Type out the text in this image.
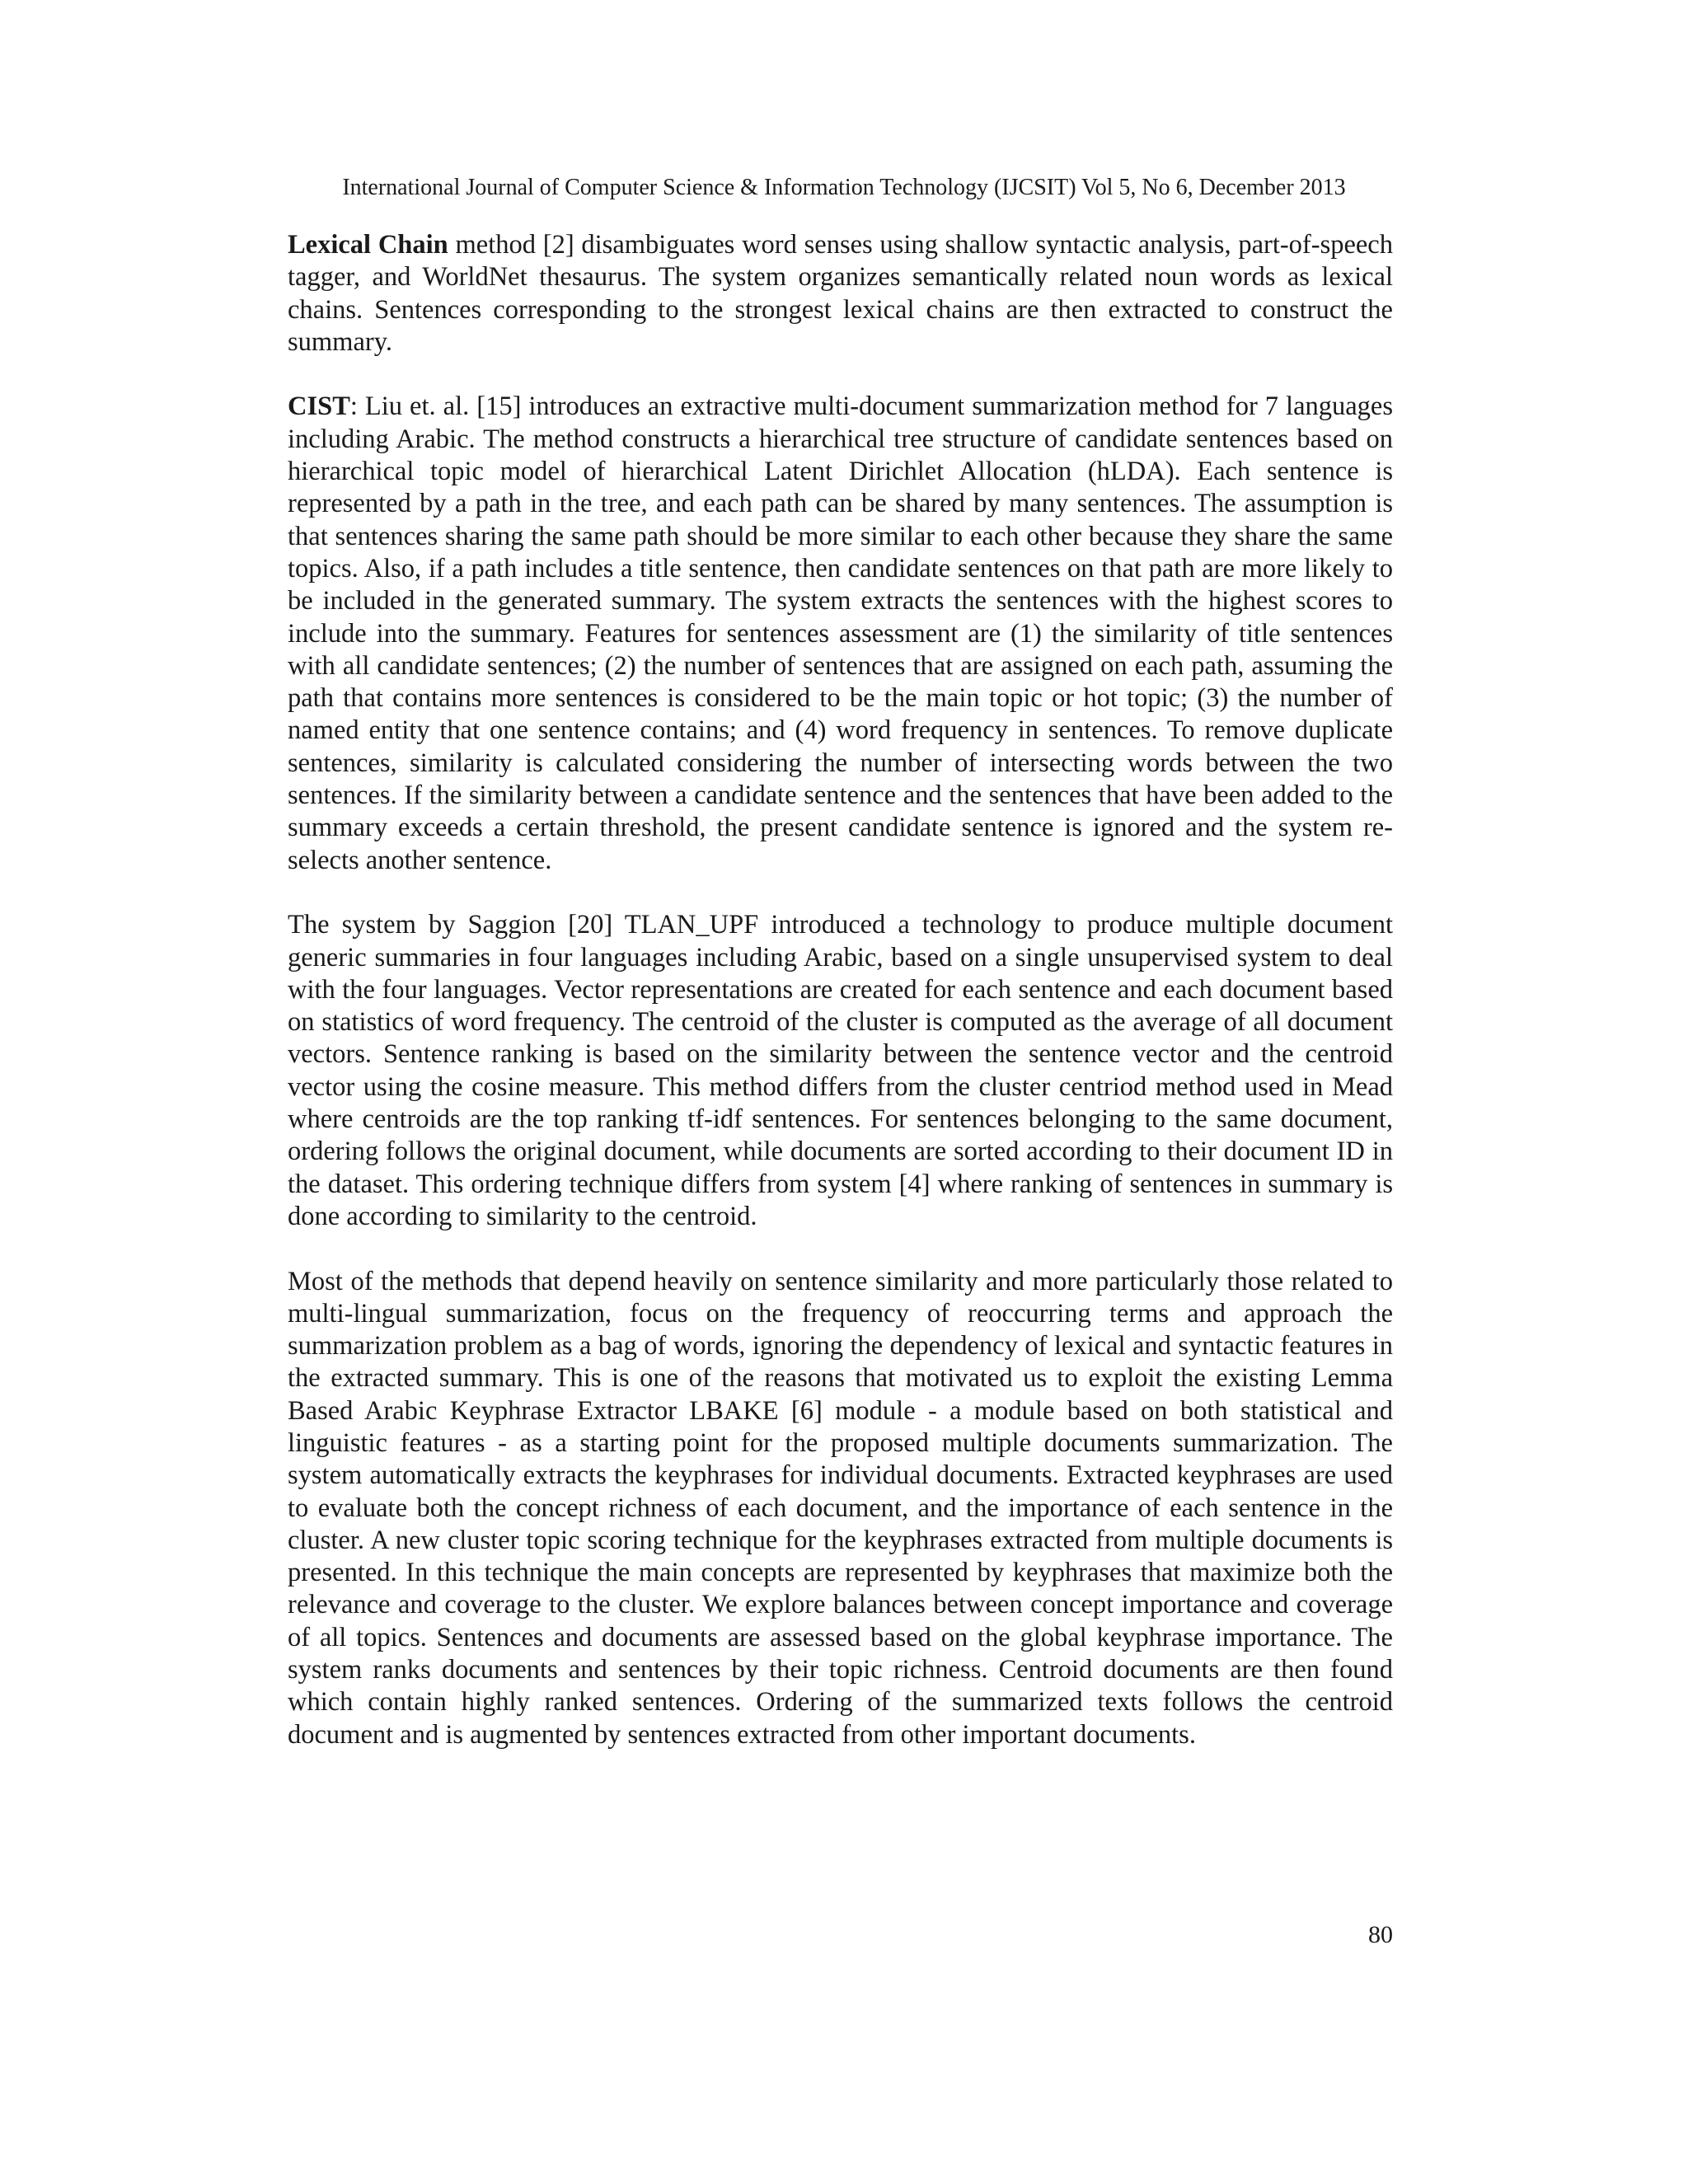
International Journal of Computer Science & Information Technology (IJCSIT) Vol 5, No 6, December 2013

Lexical Chain method [2] disambiguates word senses using shallow syntactic analysis, part-of-speech tagger, and WorldNet thesaurus. The system organizes semantically related noun words as lexical chains. Sentences corresponding to the strongest lexical chains are then extracted to construct the summary.

CIST: Liu et. al. [15] introduces an extractive multi-document summarization method for 7 languages including Arabic. The method constructs a hierarchical tree structure of candidate sentences based on hierarchical topic model of hierarchical Latent Dirichlet Allocation (hLDA). Each sentence is represented by a path in the tree, and each path can be shared by many sentences. The assumption is that sentences sharing the same path should be more similar to each other because they share the same topics. Also, if a path includes a title sentence, then candidate sentences on that path are more likely to be included in the generated summary. The system extracts the sentences with the highest scores to include into the summary. Features for sentences assessment are (1) the similarity of title sentences with all candidate sentences; (2) the number of sentences that are assigned on each path, assuming the path that contains more sentences is considered to be the main topic or hot topic; (3) the number of named entity that one sentence contains; and (4) word frequency in sentences. To remove duplicate sentences, similarity is calculated considering the number of intersecting words between the two sentences. If the similarity between a candidate sentence and the sentences that have been added to the summary exceeds a certain threshold, the present candidate sentence is ignored and the system re-selects another sentence.

The system by Saggion [20] TLAN_UPF introduced a technology to produce multiple document generic summaries in four languages including Arabic, based on a single unsupervised system to deal with the four languages. Vector representations are created for each sentence and each document based on statistics of word frequency. The centroid of the cluster is computed as the average of all document vectors. Sentence ranking is based on the similarity between the sentence vector and the centroid vector using the cosine measure. This method differs from the cluster centriod method used in Mead where centroids are the top ranking tf-idf sentences. For sentences belonging to the same document, ordering follows the original document, while documents are sorted according to their document ID in the dataset. This ordering technique differs from system [4] where ranking of sentences in summary is done according to similarity to the centroid.

Most of the methods that depend heavily on sentence similarity and more particularly those related to multi-lingual summarization, focus on the frequency of reoccurring terms and approach the summarization problem as a bag of words, ignoring the dependency of lexical and syntactic features in the extracted summary. This is one of the reasons that motivated us to exploit the existing Lemma Based Arabic Keyphrase Extractor LBAKE [6] module - a module based on both statistical and linguistic features - as a starting point for the proposed multiple documents summarization. The system automatically extracts the keyphrases for individual documents. Extracted keyphrases are used to evaluate both the concept richness of each document, and the importance of each sentence in the cluster. A new cluster topic scoring technique for the keyphrases extracted from multiple documents is presented. In this technique the main concepts are represented by keyphrases that maximize both the relevance and coverage to the cluster. We explore balances between concept importance and coverage of all topics. Sentences and documents are assessed based on the global keyphrase importance. The system ranks documents and sentences by their topic richness. Centroid documents are then found which contain highly ranked sentences. Ordering of the summarized texts follows the centroid document and is augmented by sentences extracted from other important documents.

80
